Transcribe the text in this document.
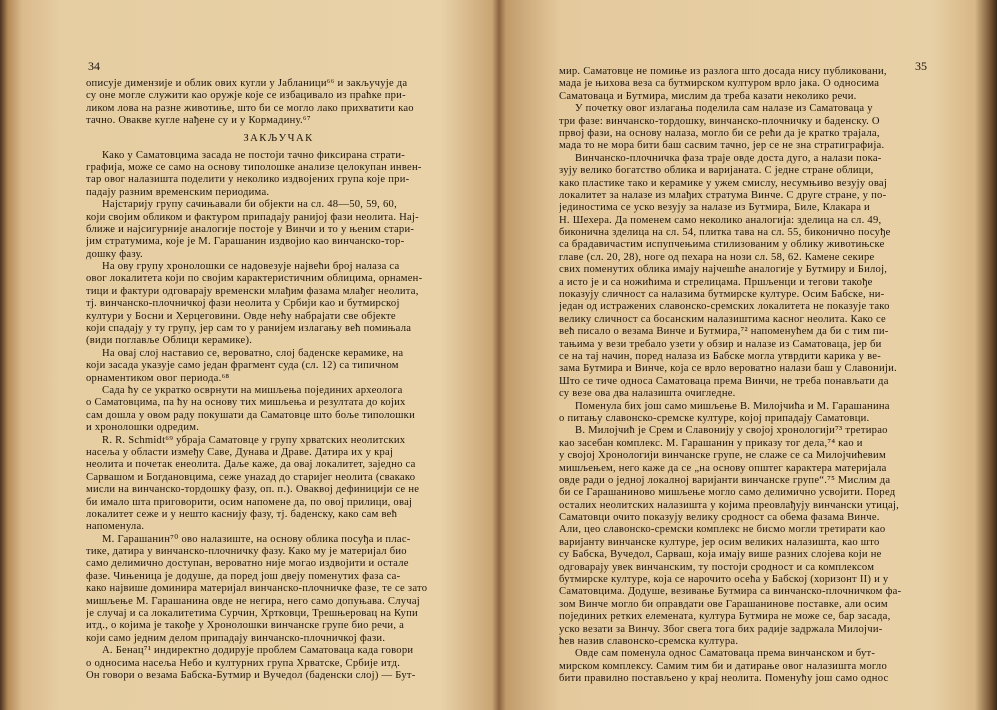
34
описује димензије и облик ових кугли у Јабланици⁶⁶ и закључује да
су оне могле служити као оружје које се избацивало из праћке при-
ликом лова на разне животиње, што би се могло лако прихватити као
тачно. Овакве кугле нађене су и у Кормадину.⁶⁷
ЗАКЉУЧАК
Како у Саматовцима засада не постоји тачно фиксирана страти-
графија, може се само на основу типолошке анализе целокупан инвен-
тар овог налазишта поделити у неколико издвојених група које при-
падају разним временским периодима.
Најстарију групу сачињавали би објекти на сл. 48—50, 59, 60,
који својим обликом и фактуром припадају ранијој фази неолита. Нај-
ближе и најсигурније аналогије постоје у Винчи и то у њеним стари-
јим стратумима, које је М. Гарашанин издвојио као винчанско-тор-
дошку фазу.
На ову групу хронолошки се надовезује највећи број налаза са
овог локалитета који по својим карактеристичним облицима, орнамен-
тици и фактури одговарају временски млађим фазама млађег неолита,
тј. винчанско-плочничкој фази неолита у Србији као и бутмирској
култури у Босни и Херцеговини. Овде нећу набрајати све објекте
који спадају у ту групу, јер сам то у ранијем излагању већ помињала
(види поглавље Облици керамике).
На овај слој наставио се, вероватно, слој баденске керамике, на
који засада указује само један фрагмент суда (сл. 12) са типичном
орнаментиком овог периода.⁶⁸
Сада ћу се укратко осврнути на мишљења појединих археолога
о Саматовцима, па ћу на основу тих мишљења и резултата до којих
сам дошла у овом раду покушати да Саматовце што боље типолошки
и хронолошки одредим.
R. R. Schmidt⁶⁹ убраја Саматовце у групу хрватских неолитских
насеља у области између Саве, Дунава и Драве. Датира их у крај
неолита и почетак енеолита. Даље каже, да овај локалитет, заједно са
Сарвашом и Богдановцима, сеже унazaд до старијег неолита (свакако
мисли на винчанско-тордошку фазу, оп. п.). Оваквој дефиницији се не
би имало шта приговорити, осим напомене да, по овој прилици, овај
локалитет сеже и у нешто каснију фазу, тј. баденску, како сам већ
напоменула.
М. Гарашанин⁷⁰ ово налазиште, на основу облика посуђа и плас-
тике, датира у винчанско-плочничку фазу. Како му је материјал био
само делимично доступан, вероватно није могао издвојити и остале
фазе. Чињеница је додуше, да поред још двеју поменутих фаза са-
како највише доминира материјал винчанско-плочничке фазе, те се зато
мишљење М. Гарашанина овде не негира, него само допуњава. Случај
је случај и са локалитетима Сурчин, Хртковци, Трешњеровац на Купи
итд., о којима је такође у Хронолошки винчанске групе био речи, а
који само једним делом припадају винчанско-плочничкој фази.
А. Бенац⁷¹ индиректно додирује проблем Саматоваца када говори
о односима насеља Небо и културних група Хрватске, Србије итд.
Он говори о везама Бабска-Бутмир и Вучедол (баденски слој) — Бут-
35
мир. Саматовце не помиње из разлога што досада нису публиковани,
мада је њихова веза са бутмирском културом врло јака. О односима
Саматоваца и Бутмира, мислим да треба казати неколико речи.
У почетку овог излагања поделила сам налазе из Саматоваца у
три фазе: винчанско-тордошку, винчанско-плочничку и баденску. О
првој фази, на основу налаза, могло би се рећи да је кратко трајала,
мада то не мора бити баш сасвим тачно, јер се не зна стратиграфија.
Винчанско-плочничка фаза траје овде доста дуго, а налази пока-
зују велико богатство облика и варијаната. С једне стране облици,
како пластике тако и керамике у ужем смислу, несумњиво везују овај
локалитет за налазе из млађих стратума Винче. С друге стране, у по-
јединостима се уско везују за налазе из Бутмира, Биле, Клакара и
Н. Шехера. Да поменем само неколико аналогија: зделица на сл. 49,
биконична зделица на сл. 54, плитка тава на сл. 55, биконично посуђе
са брадавичастим испупчењима стилизованим у облику животињске
главе (сл. 20, 28), ноге од пехара на нози сл. 58, 62. Камене секире
свих поменутих облика имају најчешће аналогије у Бутмиру и Билој,
а исто је и са ножићима и стрелицама. Пршљенци и тегови такође
показују сличност са налазима бутмирске културе. Осим Бабске, ни-
један од истражених славонско-сремских локалитета не показује тако
велику сличност са босанским налазиштима касног неолита. Како се
већ писало о везама Винче и Бутмира,⁷² напоменућем да би с тим пи-
тањима у вези требало узети у обзир и налазе из Саматоваца, јер би
се на тај начин, поред налаза из Бабске могла утврдити карика у ве-
зама Бутмира и Винче, која се врло вероватно налази баш у Славонији.
Што се тиче односа Саматоваца према Винчи, не треба понављати да
су везе ова два налазишта очигледне.
Поменула бих још само мишљење В. Милојчића и М. Гарашанина
о питању славонско-сремске културе, којој припадају Саматовци.
В. Милојчић је Срем и Славонију у својој хронологији⁷³ третирао
као засебан комплекс. М. Гарашанин у приказу тог дела,⁷⁴ као и
у својој Хронологији винчанске групе, не слаже се са Милојчићевим
мишљењем, него каже да се „на основу општег карактера материјала
овде ради о једној локалној варијанти винчанске групе“.⁷⁵ Мислим да
би се Гарашаниново мишљење могло само делимично усвојити. Поред
осталих неолитских налазишта у којима преовлађују винчански утицај,
Саматовци очито показују велику сродност са обема фазама Винче.
Али, цео славонско-сремски комплекс не бисмо могли третирати као
варијанту винчанске културе, јер осим великих налазишта, као што
су Бабска, Вучедол, Сарваш, која имају више разних слојева који не
одговарају увек винчанским, ту постоји сродност и са комплексом
бутмирске културе, која се нарочито осећа у Бабској (хоризонт II) и у
Саматовцима. Додуше, везивање Бутмира са винчанско-плочничком фа-
зом Винче могло би оправдати ове Гарашанинове поставке, али осим
појединих ретких елемената, култура Бутмира не може се, бар засада,
уско везати за Винчу. Због свега тога бих радије задржала Милојчи-
ћев назив славонско-сремска култура.
Овде сам поменула однос Саматоваца према винчанском и бут-
мирском комплексу. Самим тим би и датирање овог налазишта могло
бити правилно постављено у крај неолита. Поменућу још само однос
